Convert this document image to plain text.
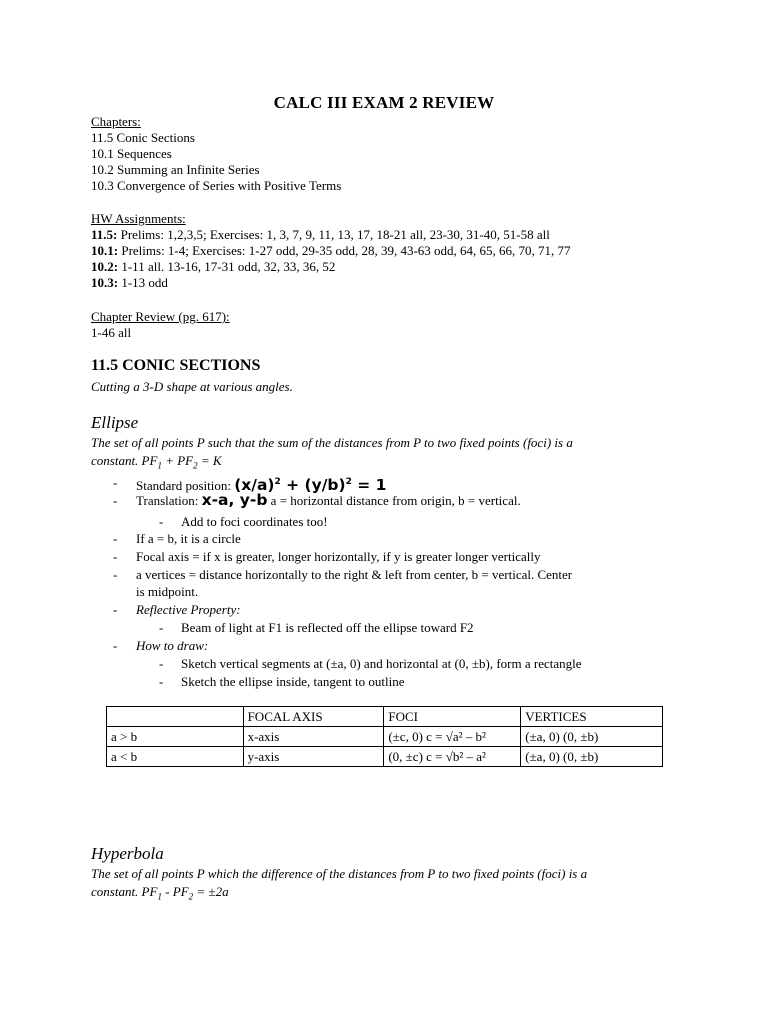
CALC III EXAM 2 REVIEW
Chapters:
11.5 Conic Sections
10.1 Sequences
10.2 Summing an Infinite Series
10.3 Convergence of Series with Positive Terms
HW Assignments:
11.5: Prelims: 1,2,3,5; Exercises: 1, 3, 7, 9, 11, 13, 17, 18-21 all, 23-30, 31-40, 51-58 all
10.1: Prelims: 1-4; Exercises: 1-27 odd, 29-35 odd, 28, 39, 43-63 odd, 64, 65, 66, 70, 71, 77
10.2: 1-11 all. 13-16, 17-31 odd, 32, 33, 36, 52
10.3: 1-13 odd
Chapter Review (pg. 617):
1-46 all
11.5 CONIC SECTIONS
Cutting a 3-D shape at various angles.
Ellipse
The set of all points P such that the sum of the distances from P to two fixed points (foci) is a
constant. $PF_1 + PF_2 = K$
- Standard position: $(x/a)^2 + (y/b)^2 = 1$
- Translation: x-a, y-b a = horizontal distance from origin, b = vertical.
- Add to foci coordinates too!
- If a = b, it is a circle
- Focal axis = if x is greater, longer horizontally, if y is greater longer vertically
- a vertices = distance horizontally to the right & left from center, b = vertical. Center
is midpoint.
- Reflective Property:
- Beam of light at F1 is reflected off the ellipse toward F2
- How to draw:
- Sketch vertical segments at (±a, 0) and horizontal at (0, ±b), form a rectangle
- Sketch the ellipse inside, tangent to outline
	FOCAL AXIS	FOCI	VERTICES
a > b	x-axis	(±c, 0) c = √a² – b²	(±a, 0) (0, ±b)
a < b	y-axis	(0, ±c) c = √b² – a²	(±a, 0) (0, ±b)
Hyperbola
The set of all points P which the difference of the distances from P to two fixed points (foci) is a
constant. $PF_1 - PF_2 = \pm 2a$
